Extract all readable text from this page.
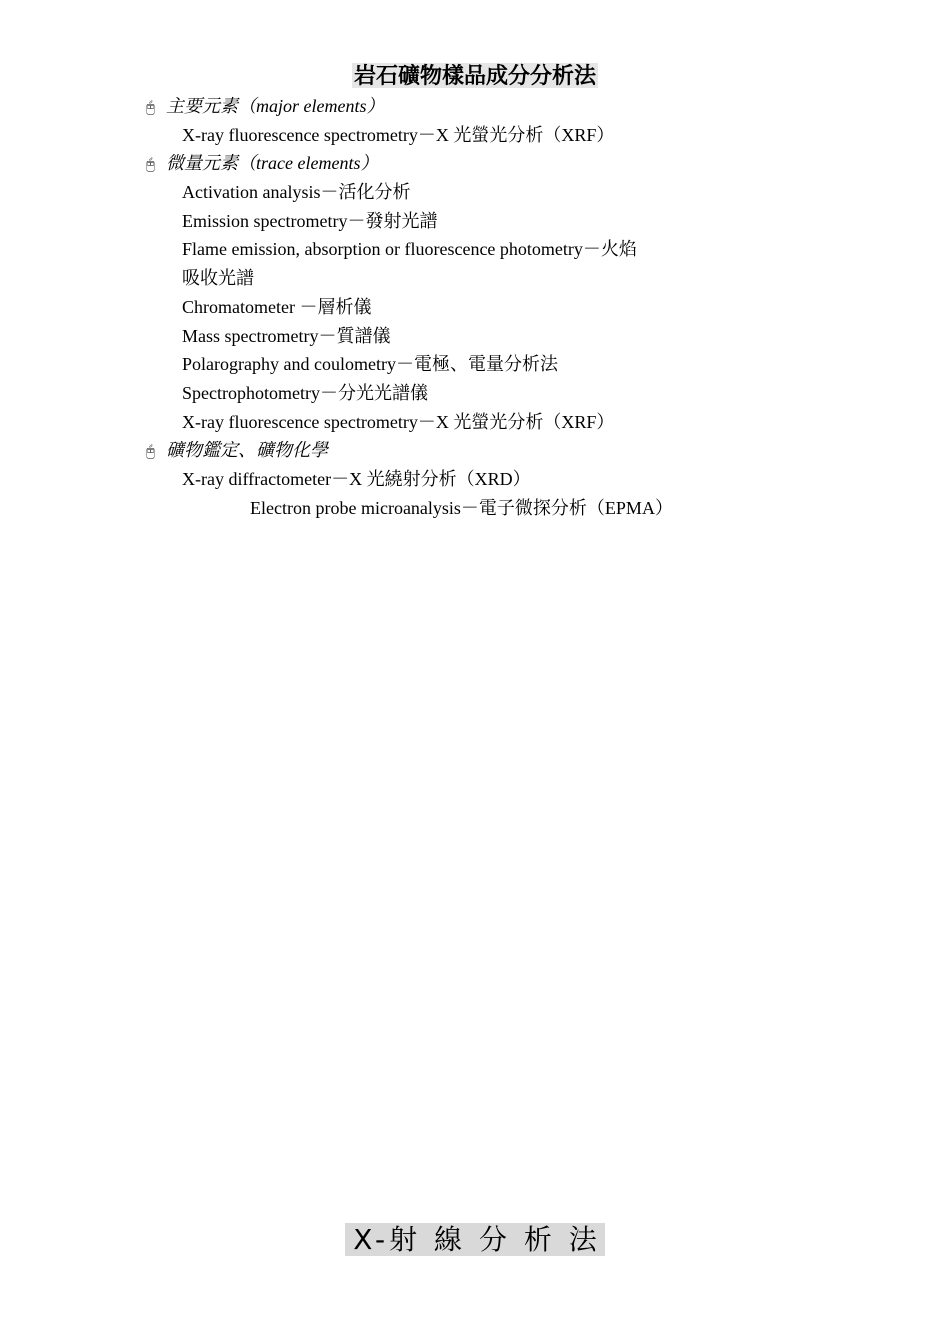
岩石礦物樣品成分分析法

🖰 主要元素（major elements）

X-ray fluorescence spectrometry－X 光螢光分析（XRF）

🖰 微量元素（trace elements）

Activation analysis－活化分析

Emission spectrometry－發射光譜

Flame emission, absorption or fluorescence photometry－火焰吸收光譜

Chromatometer －層析儀

Mass spectrometry－質譜儀

Polarography and coulometry－電極、電量分析法

Spectrophotometry－分光光譜儀

X-ray fluorescence spectrometry－X 光螢光分析（XRF）

🖰 礦物鑑定、礦物化學

X-ray diffractometer－X 光繞射分析（XRD）

Electron probe microanalysis－電子微探分析（EPMA）

X-射 線 分 析 法
